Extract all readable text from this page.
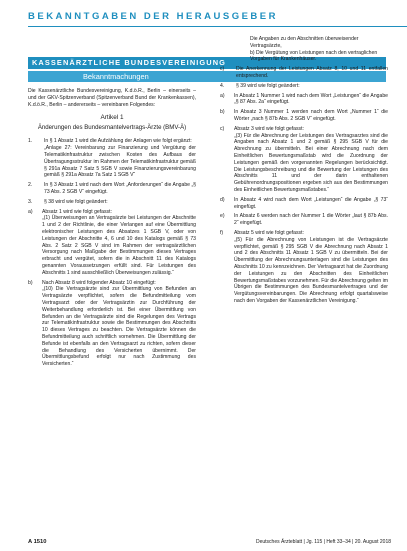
BEKANNTGABEN DER HERAUSGEBER
KASSENÄRZTLICHE BUNDESVEREINIGUNG
Bekanntmachungen

Die Kassenärztliche Bundesvereinigung, K.d.ö.R., Berlin – einerseits – und der GKV-Spitzenverband (Spitzenverband Bund der Krankenkassen), K.d.ö.R., Berlin – andererseits – vereinbaren Folgendes:

Artikel 1
Änderungen des Bundesmantelvertrags-Ärzte (BMV-Ä)
1.	In § 1 Absatz 1 wird die Aufzählung der Anlagen wie folgt ergänzt:
„Anlage 27: Vereinbarung zur Finanzierung und Vergütung der Telematikinfrastruktur zwischen Kosten des Aufbaus der Übertragungsstruktur im Rahmen der Telematikinfrastruktur gemäß § 291a Absatz 7 Satz 5 SGB V sowie Finanzierungsvereinbarung gemäß § 291a Absatz 7a Satz 1 SGB V“
2.	In § 3 Absatz 1 wird nach dem Wort „Anforderungen“ die Angabe „§ 73 Abs. 2 SGB V“ eingefügt.
3.	§ 38 wird wie folgt geändert:
a)	Absatz 1 wird wie folgt gefasst:
„(1) Überweisungen an Vertragsärzte bei Leistungen der Abschnitte 1 und 2 der Richtlinie, die einer Verlangen auf eine Übermittlung elektronischer Leistungen des Absatzes 1 SGB V, oder von Leistungen der Abschnitte 4, 6 und 10 des Katalogs gemäß § 73 Abs. 2 Satz 2 SGB V sind im Rahmen der vertragsärztlichen Versorgung nach Maßgabe der Bestimmungen dieses Vertrages erbracht und vergütet, sofern die in Abschnitt 11 des Katalogs genannten Voraussetzungen erfüllt sind. Für Leistungen des Abschnitts 1 sind ausschließlich Überweisungen zulässig.“
b)	Nach Absatz 8 wird folgender Absatz 10 eingefügt:
„(10) Die Vertragsärzte sind zur Übermittlung von Befunden an Vertragsärzte verpflichtet, sofern die Befundmitteilung vom Vertragsarzt oder der Vertragsärztin zur Durchführung der Weiterbehandlung erforderlich ist. Bei einer Übermittlung von Befunden an die Vertragsärzte sind die Regelungen des Vertrags zur Telematikinfrastruktur sowie die Bestimmungen des Abschnitts 10 dieses Vertrages zu beachten. Die Vertragsärzte können die Befundmitteilung auch schriftlich vornehmen. Die Übermittlung der Befunde ist ebenfalls an den Vertragsarzt zu richten, sofern dieser die Behandlung des Versicherten übernimmt. Der Übermittlungsbefund erfolgt nur nach Zustimmung des Versicherten.“
Die Angaben zu den Abschnitten überweisender Vertragsärzte,
b) Die Vergütung von Leistungen nach den vertraglichen Vorgaben für Krankenhäuser.
c)	Die Anerkennung der Leistungen Absatz 8, 10 und 11 entfallen entsprechend.
4.	§ 39 wird wie folgt geändert:
a)	In Absatz 1 Nummer 1 wird nach dem Wort „Leistungen“ die Angabe „§ 87 Abs. 2a“ eingefügt.
b)	In Absatz 3 Nummer 1 werden nach dem Wort „Nummer 1“ die Wörter „nach § 87b Abs. 2 SGB V“ eingefügt.
c)	Absatz 3 wird wie folgt gefasst:
„(3) Für die Abrechnung der Leistungen des Vertragsarztes sind die Angaben nach Absatz 1 und 2 gemäß § 295 SGB V für die Abrechnung zu übermitteln. Bei einer Abrechnung nach dem Einheitlichen Bewertungsmaßstab wird die Zuordnung der Leistungen gemäß den vorgenannten Regelungen berücksichtigt. Die Leistungsbeschreibung und die Bewertung der Leistungen des Abschnitts 11 und der darin enthaltenen Gebührenordnungspositionen ergeben sich aus den Bestimmungen des Einheitlichen Bewertungsmaßstabes.“
d)	In Absatz 4 wird nach dem Wort „Leistungen“ die Angabe „§ 73“ eingefügt.
e)	In Absatz 6 werden nach der Nummer 1 die Wörter „laut § 87b Abs. 2“ eingefügt.
f)	Absatz 5 wird wie folgt gefasst:
„(5) Für die Abrechnung von Leistungen ist die Vertragsärzte verpflichtet, gemäß § 295 SGB V die Abrechnung nach Absatz 1 und 2 des Abschnitts 11 Absatz 1 SGB V zu übermitteln. Bei der Übermittlung der Abrechnungsunterlagen sind die Leistungen des Abschnitts 10 zu kennzeichnen. Der Vertragsarzt hat die Zuordnung der Leistungen zu den Abschnitten des Einheitlichen Bewertungsmaßstabes vorzunehmen. Für die Abrechnung gelten im Übrigen die Bestimmungen des Bundesmantelvertrages und der Vergütungsvereinbarungen. Die Abrechnung erfolgt quartalsweise nach den Vorgaben der Kassenärztlichen Vereinigung.“
A 1510	Deutsches Ärzteblatt | Jg. 115 | Heft 33–34 | 20. August 2018
